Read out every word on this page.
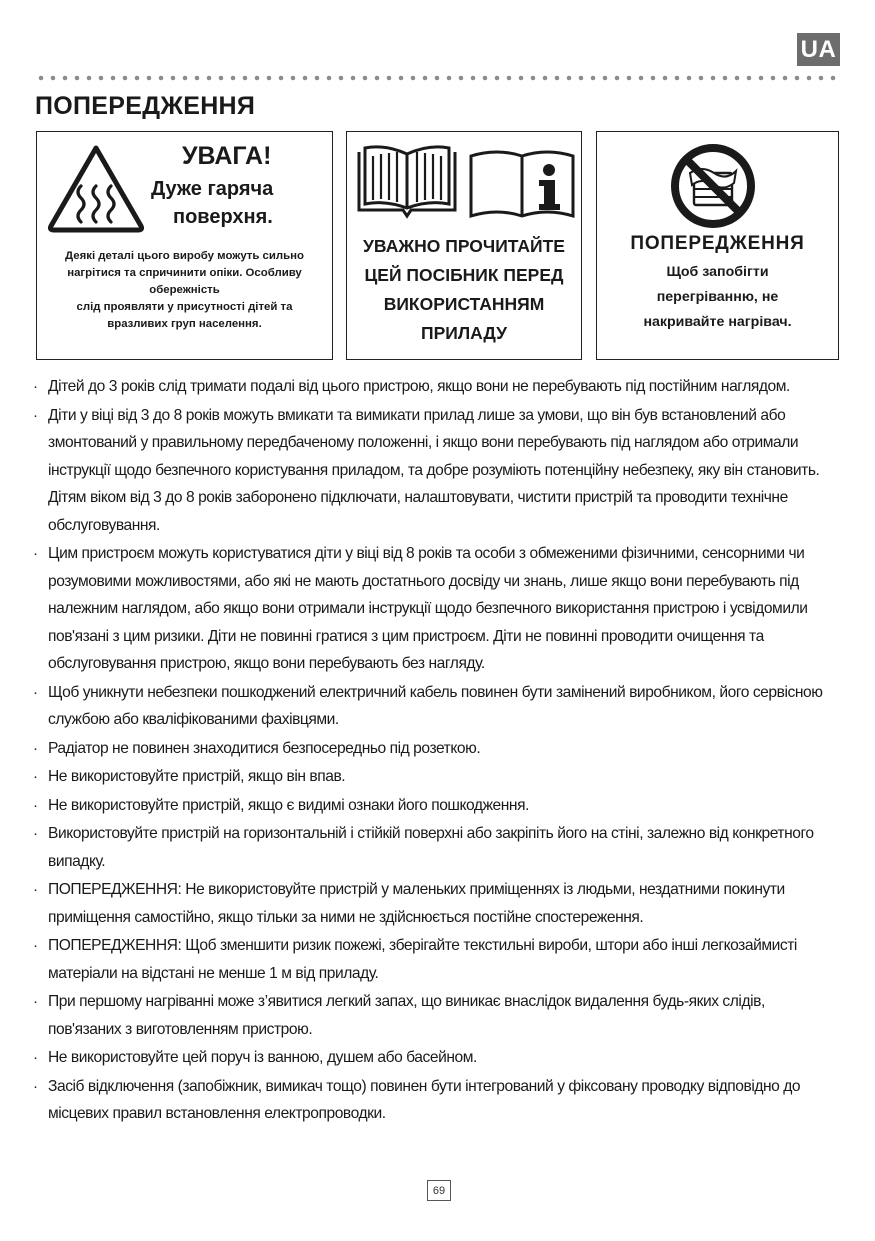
UA
ПОПЕРЕДЖЕННЯ
УВАГА!
Дуже гаряча
поверхня.
Деякі деталі цього виробу можуть сильно
нагрітися та спричинити опіки. Особливу
обережність
слід проявляти у присутності дітей та
вразливих груп населення.
УВАЖНО ПРОЧИТАЙТЕ
ЦЕЙ ПОСІБНИК ПЕРЕД
ВИКОРИСТАННЯМ
ПРИЛАДУ
ПОПЕРЕДЖЕННЯ
Щоб запобігти
перегріванню, не
накривайте нагрівач.
· Дітей до 3 років слід тримати подалі від цього пристрою, якщо вони не перебувають під постійним наглядом.
· Діти у віці від 3 до 8 років можуть вмикати та вимикати прилад лише за умови, що він був встановлений або змонтований у правильному передбаченому положенні, і якщо вони перебувають під наглядом або отримали інструкції щодо безпечного користування приладом, та добре розуміють потенційну небезпеку, яку він становить. Дітям віком від 3 до 8 років заборонено підключати, налаштовувати, чистити пристрій та проводити технічне обслуговування.
· Цим пристроєм можуть користуватися діти у віці від 8 років та особи з обмеженими фізичними, сенсорними чи розумовими можливостями, або які не мають достатнього досвіду чи знань, лише якщо вони перебувають під належним наглядом, або якщо вони отримали інструкції щодо безпечного використання пристрою і усвідомили пов'язані з цим ризики. Діти не повинні гратися з цим пристроєм. Діти не повинні проводити очищення та обслуговування пристрою, якщо вони перебувають без нагляду.
· Щоб уникнути небезпеки пошкоджений електричний кабель повинен бути замінений виробником, його сервісною службою або кваліфікованими фахівцями.
· Радіатор не повинен знаходитися безпосередньо під розеткою.
· Не використовуйте пристрій, якщо він впав.
· Не використовуйте пристрій, якщо є видимі ознаки його пошкодження.
· Використовуйте пристрій на горизонтальній і стійкій поверхні або закріпіть його на стіні, залежно від конкретного випадку.
· ПОПЕРЕДЖЕННЯ: Не використовуйте пристрій у маленьких приміщеннях із людьми, нездатними покинути приміщення самостійно, якщо тільки за ними не здійснюється постійне спостереження.
· ПОПЕРЕДЖЕННЯ: Щоб зменшити ризик пожежі, зберігайте текстильні вироби, штори або інші легкозаймисті матеріали на відстані не менше 1 м від приладу.
· При першому нагріванні може з’явитися легкий запах, що виникає внаслідок видалення будь-яких слідів, пов'язаних з виготовленням пристрою.
· Не використовуйте цей поруч із ванною, душем або басейном.
· Засіб відключення (запобіжник, вимикач тощо) повинен бути інтегрований у фіксовану проводку відповідно до місцевих правил встановлення електропроводки.
69
